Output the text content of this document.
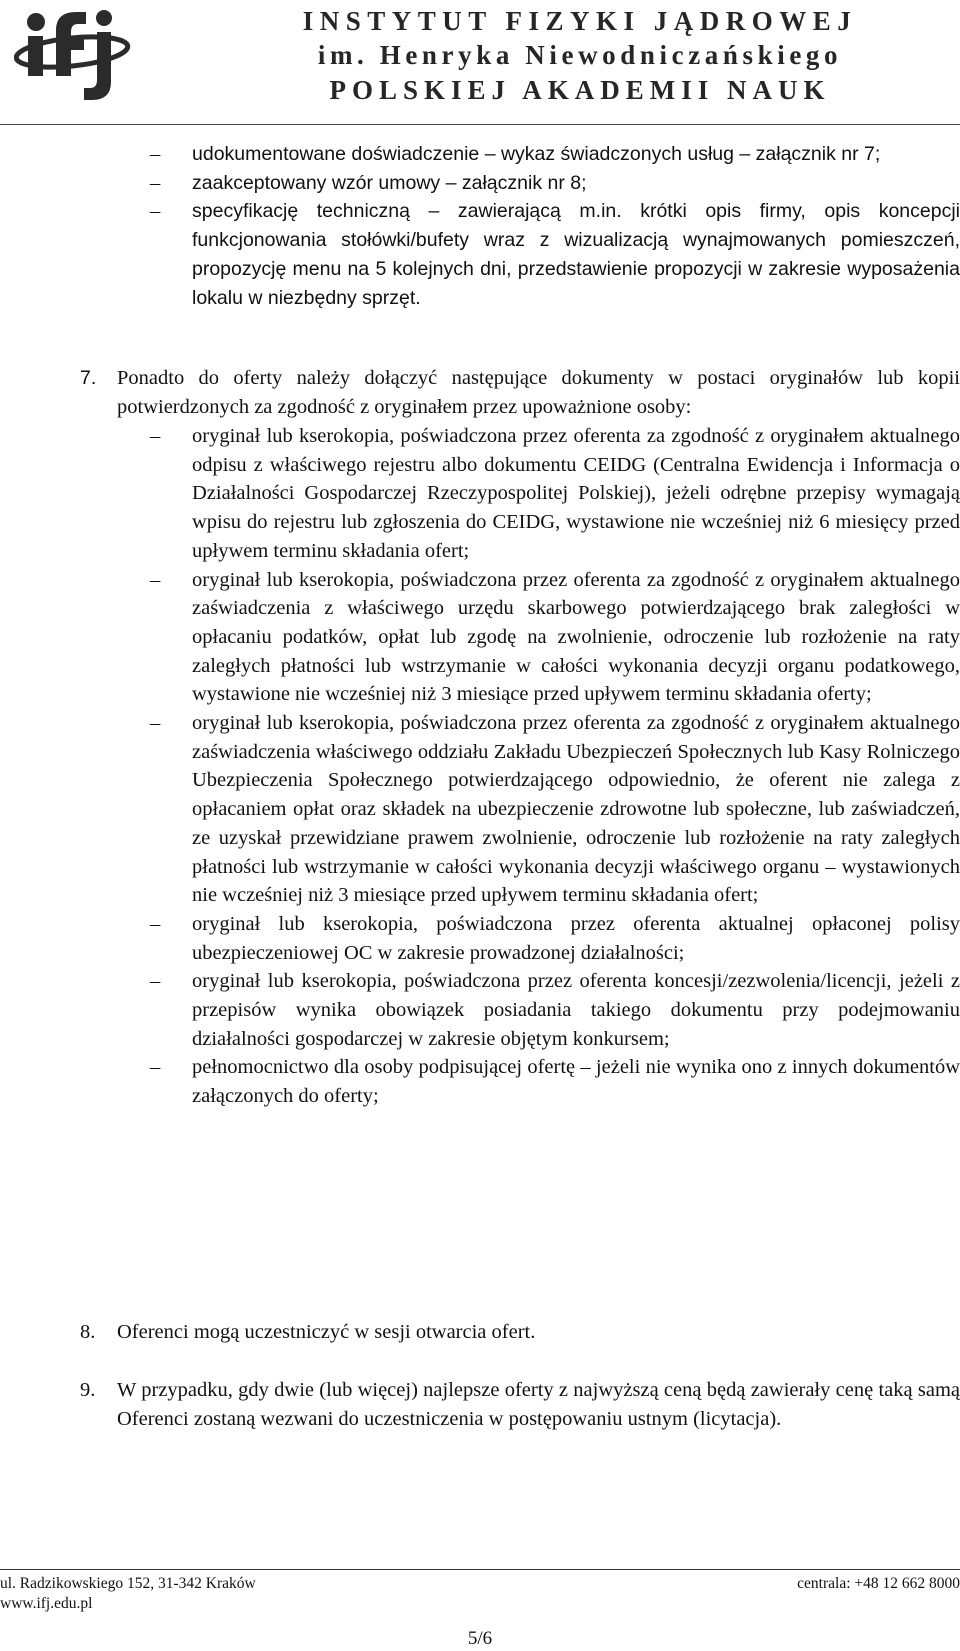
INSTYTUT FIZYKI JĄDROWEJ
im. Henryka Niewodniczańskiego
POLSKIEJ AKADEMII NAUK
– udokumentowane doświadczenie – wykaz świadczonych usług – załącznik nr 7;
– zaakceptowany wzór umowy – załącznik nr 8;
– specyfikację techniczną – zawierającą m.in. krótki opis firmy, opis koncepcji funkcjonowania stołówki/bufety wraz z wizualizacją wynajmowanych pomieszczeń, propozycję menu na 5 kolejnych dni, przedstawienie propozycji w zakresie wyposażenia lokalu w niezbędny sprzęt.
7. Ponadto do oferty należy dołączyć następujące dokumenty w postaci oryginałów lub kopii potwierdzonych za zgodność z oryginałem przez upoważnione osoby:
– oryginał lub kserokopia, poświadczona przez oferenta za zgodność z oryginałem aktualnego odpisu z właściwego rejestru albo dokumentu CEIDG (Centralna Ewidencja i Informacja o Działalności Gospodarczej Rzeczypospolitej Polskiej), jeżeli odrębne przepisy wymagają wpisu do rejestru lub zgłoszenia do CEIDG, wystawione nie wcześniej niż 6 miesięcy przed upływem terminu składania ofert;
– oryginał lub kserokopia, poświadczona przez oferenta za zgodność z oryginałem aktualnego zaświadczenia z właściwego urzędu skarbowego potwierdzającego brak zaległości w opłacaniu podatków, opłat lub zgodę na zwolnienie, odroczenie lub rozłożenie na raty zaległych płatności lub wstrzymanie w całości wykonania decyzji organu podatkowego, wystawione nie wcześniej niż 3 miesiące przed upływem terminu składania oferty;
– oryginał lub kserokopia, poświadczona przez oferenta za zgodność z oryginałem aktualnego zaświadczenia właściwego oddziału Zakładu Ubezpieczeń Społecznych lub Kasy Rolniczego Ubezpieczenia Społecznego potwierdzającego odpowiednio, że oferent nie zalega z opłacaniem opłat oraz składek na ubezpieczenie zdrowotne lub społeczne, lub zaświadczeń, ze uzyskał przewidziane prawem zwolnienie, odroczenie lub rozłożenie na raty zaległych płatności lub wstrzymanie w całości wykonania decyzji właściwego organu – wystawionych nie wcześniej niż 3 miesiące przed upływem terminu składania ofert;
– oryginał lub kserokopia, poświadczona przez oferenta aktualnej opłaconej polisy ubezpieczeniowej OC w zakresie prowadzonej działalności;
– oryginał lub kserokopia, poświadczona przez oferenta koncesji/zezwolenia/licencji, jeżeli z przepisów wynika obowiązek posiadania takiego dokumentu przy podejmowaniu działalności gospodarczej w zakresie objętym konkursem;
– pełnomocnictwo dla osoby podpisującej ofertę – jeżeli nie wynika ono z innych dokumentów załączonych do oferty;
8. Oferenci mogą uczestniczyć w sesji otwarcia ofert.
9. W przypadku, gdy dwie (lub więcej) najlepsze oferty z najwyższą ceną będą zawierały cenę taką samą Oferenci zostaną wezwani do uczestniczenia w postępowaniu ustnym (licytacja).
ul. Radzikowskiego 152, 31-342 Kraków
www.ifj.edu.pl
centrala: +48 12 662 8000
5/6
